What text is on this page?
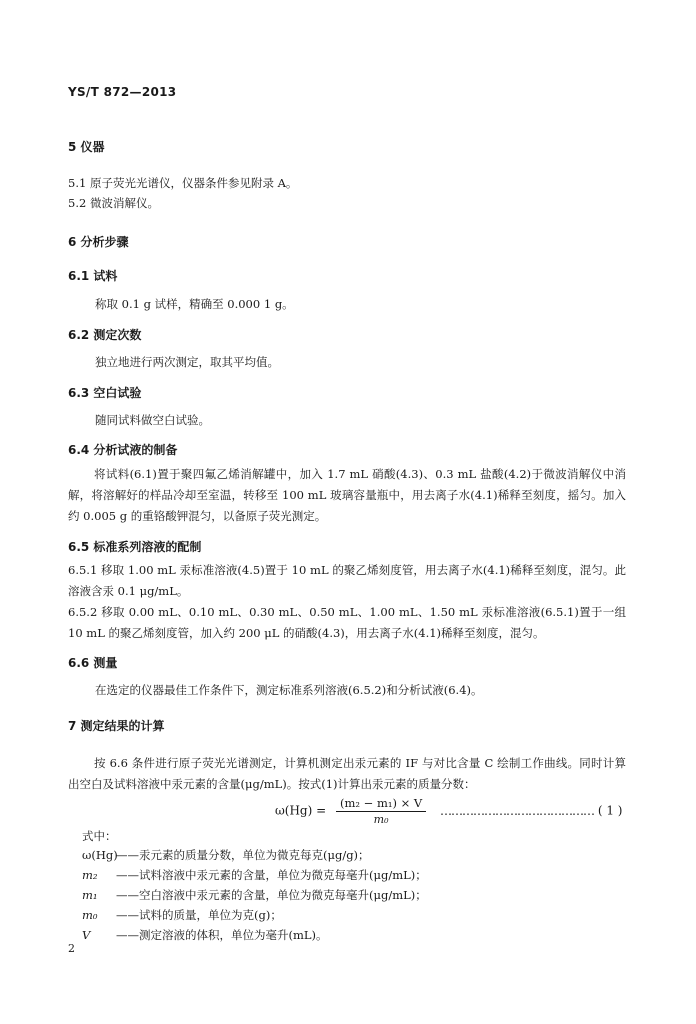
YS/T 872—2013
5 仪器
5.1 原子荧光光谱仪，仪器条件参见附录 A。
5.2 微波消解仪。
6 分析步骤
6.1 试料
称取 0.1 g 试样，精确至 0.000 1 g。
6.2 测定次数
独立地进行两次测定，取其平均值。
6.3 空白试验
随同试料做空白试验。
6.4 分析试液的制备
将试料(6.1)置于聚四氟乙烯消解罐中，加入 1.7 mL 硝酸(4.3)、0.3 mL 盐酸(4.2)于微波消解仪中消解，将溶解好的样品冷却至室温，转移至 100 mL 玻璃容量瓶中，用去离子水(4.1)稀释至刻度，摇匀。加入约 0.005 g 的重铬酸钾混匀，以备原子荧光测定。
6.5 标准系列溶液的配制
6.5.1 移取 1.00 mL 汞标准溶液(4.5)置于 10 mL 的聚乙烯刻度管，用去离子水(4.1)稀释至刻度，混匀。此溶液含汞 0.1 μg/mL。
6.5.2 移取 0.00 mL、0.10 mL、0.30 mL、0.50 mL、1.00 mL、1.50 mL 汞标准溶液(6.5.1)置于一组 10 mL 的聚乙烯刻度管，加入约 200 μL 的硝酸(4.3)，用去离子水(4.1)稀释至刻度，混匀。
6.6 测量
在选定的仪器最佳工作条件下，测定标准系列溶液(6.5.2)和分析试液(6.4)。
7 测定结果的计算
按 6.6 条件进行原子荧光光谱测定，计算机测定出汞元素的 IF 与对比含量 C 绘制工作曲线。同时计算出空白及试料溶液中汞元素的含量(μg/mL)。按式(1)计算出汞元素的质量分数：
$\omega(Hg) = \frac{\text{(m₂ − m₁) × V}}{\text{m₀}}$ …………………………………… ( 1 )
式中：
ω(Hg)——汞元素的质量分数，单位为微克每克(μg/g)；
m₂ ——试料溶液中汞元素的含量，单位为微克每毫升(μg/mL)；
m₁ ——空白溶液中汞元素的含量，单位为微克每毫升(μg/mL)；
m₀ ——试料的质量，单位为克(g)；
V ——测定溶液的体积，单位为毫升(mL)。
2
